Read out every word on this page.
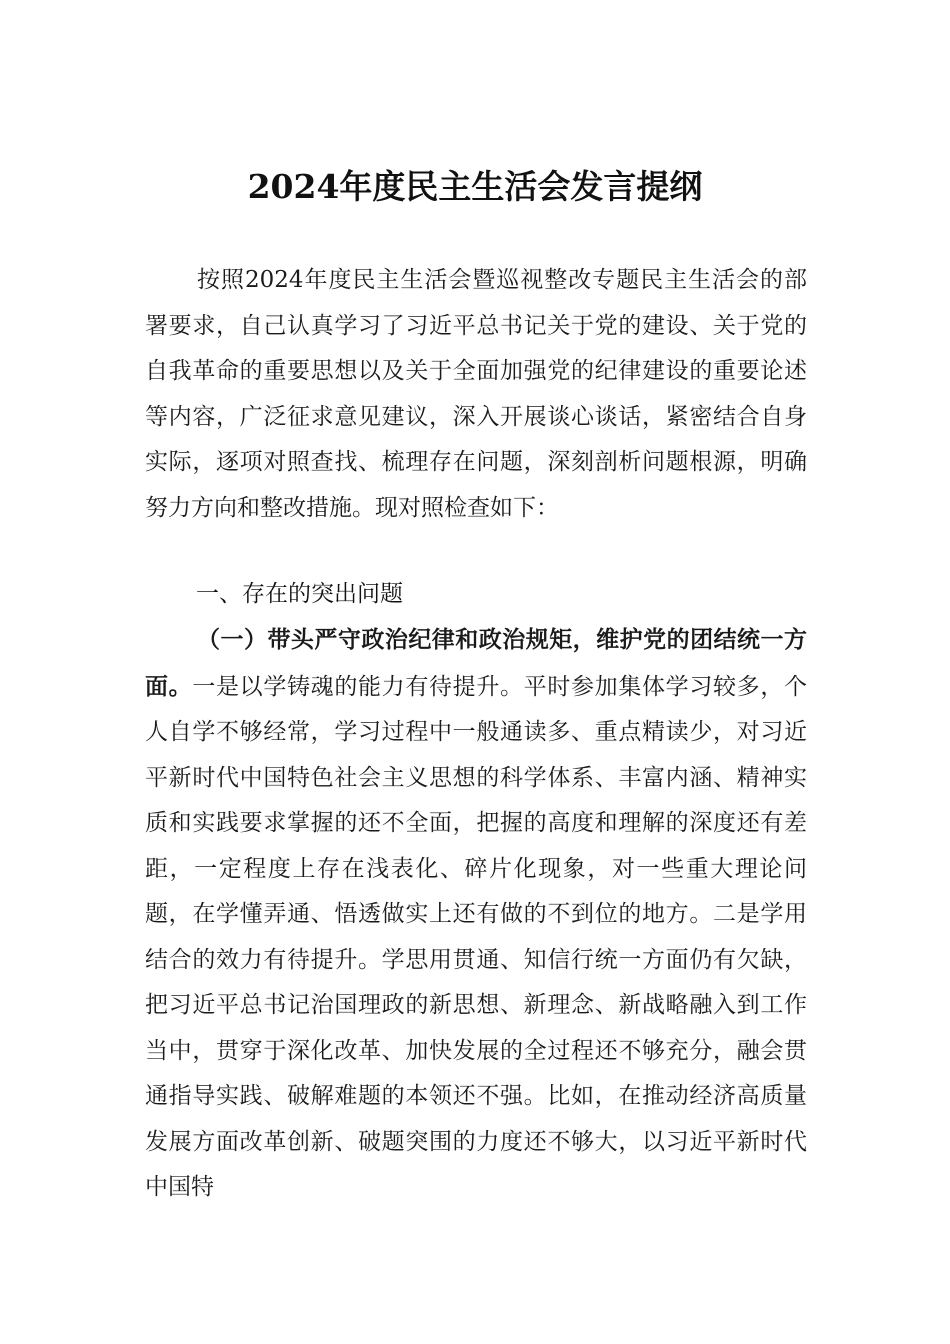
2024年度民主生活会发言提纲

按照2024年度民主生活会暨巡视整改专题民主生活会的部署要求，自己认真学习了习近平总书记关于党的建设、关于党的自我革命的重要思想以及关于全面加强党的纪律建设的重要论述等内容，广泛征求意见建议，深入开展谈心谈话，紧密结合自身实际，逐项对照查找、梳理存在问题，深刻剖析问题根源，明确努力方向和整改措施。现对照检查如下：

一、存在的突出问题

（一）带头严守政治纪律和政治规矩，维护党的团结统一方面。一是以学铸魂的能力有待提升。平时参加集体学习较多，个人自学不够经常，学习过程中一般通读多、重点精读少，对习近平新时代中国特色社会主义思想的科学体系、丰富内涵、精神实质和实践要求掌握的还不全面，把握的高度和理解的深度还有差距，一定程度上存在浅表化、碎片化现象，对一些重大理论问题，在学懂弄通、悟透做实上还有做的不到位的地方。二是学用结合的效力有待提升。学思用贯通、知信行统一方面仍有欠缺，把习近平总书记治国理政的新思想、新理念、新战略融入到工作当中，贯穿于深化改革、加快发展的全过程还不够充分，融会贯通指导实践、破解难题的本领还不强。比如，在推动经济高质量发展方面改革创新、破题突围的力度还不够大，以习近平新时代中国特
